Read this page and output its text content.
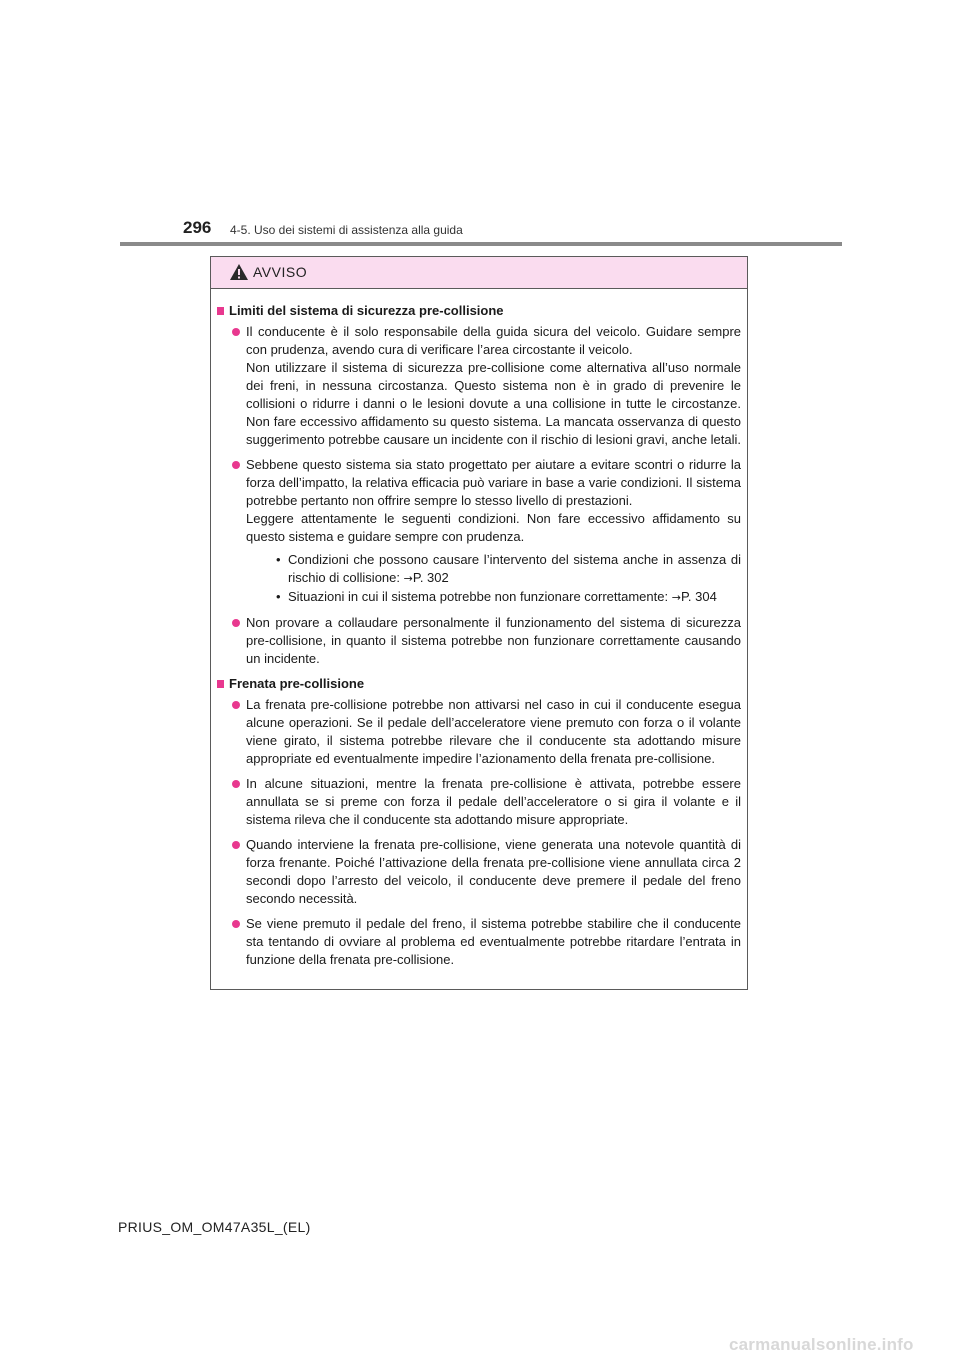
296 4-5. Uso dei sistemi di assistenza alla guida
AVVISO
Limiti del sistema di sicurezza pre-collisione

Il conducente è il solo responsabile della guida sicura del veicolo. Guidare sempre con prudenza, avendo cura di verificare l’area circostante il veicolo.

Non utilizzare il sistema di sicurezza pre-collisione come alternativa all’uso normale dei freni, in nessuna circostanza. Questo sistema non è in grado di prevenire le collisioni o ridurre i danni o le lesioni dovute a una collisione in tutte le circostanze. Non fare eccessivo affidamento su questo sistema. La mancata osservanza di questo suggerimento potrebbe causare un incidente con il rischio di lesioni gravi, anche letali.

Sebbene questo sistema sia stato progettato per aiutare a evitare scontri o ridurre la forza dell’impatto, la relativa efficacia può variare in base a varie condizioni. Il sistema potrebbe pertanto non offrire sempre lo stesso livello di prestazioni.

Leggere attentamente le seguenti condizioni. Non fare eccessivo affidamento su questo sistema e guidare sempre con prudenza.

• Condizioni che possono causare l’intervento del sistema anche in assenza di rischio di collisione: →P. 302
• Situazioni in cui il sistema potrebbe non funzionare correttamente: →P. 304

Non provare a collaudare personalmente il funzionamento del sistema di sicurezza pre-collisione, in quanto il sistema potrebbe non funzionare correttamente causando un incidente.

Frenata pre-collisione

La frenata pre-collisione potrebbe non attivarsi nel caso in cui il conducente esegua alcune operazioni. Se il pedale dell’acceleratore viene premuto con forza o il volante viene girato, il sistema potrebbe rilevare che il conducente sta adottando misure appropriate ed eventualmente impedire l’azionamento della frenata pre-collisione.

In alcune situazioni, mentre la frenata pre-collisione è attivata, potrebbe essere annullata se si preme con forza il pedale dell’acceleratore o si gira il volante e il sistema rileva che il conducente sta adottando misure appropriate.

Quando interviene la frenata pre-collisione, viene generata una notevole quantità di forza frenante. Poiché l’attivazione della frenata pre-collisione viene annullata circa 2 secondi dopo l’arresto del veicolo, il conducente deve premere il pedale del freno secondo necessità.

Se viene premuto il pedale del freno, il sistema potrebbe stabilire che il conducente sta tentando di ovviare al problema ed eventualmente potrebbe ritardare l’entrata in funzione della frenata pre-collisione.

PRIUS_OM_OM47A35L_(EL)
carmanualsonline.info
